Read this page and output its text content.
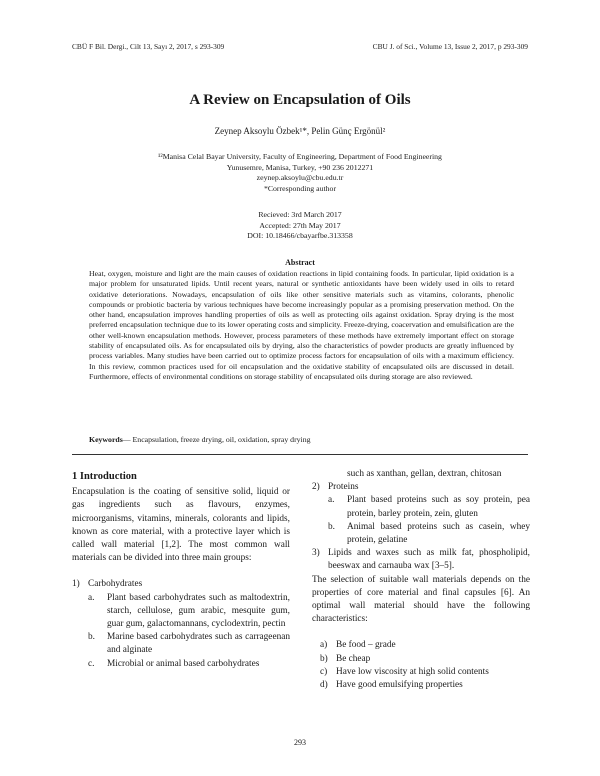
CBÜ F Bil. Dergi., Cilt 13, Sayı 2, 2017, s 293-309	CBU J. of Sci., Volume 13, Issue 2, 2017, p 293-309
A Review on Encapsulation of Oils
Zeynep Aksoylu Özbek¹*, Pelin Günç Ergönül²
¹²Manisa Celal Bayar University, Faculty of Engineering, Department of Food Engineering
Yunusemre, Manisa, Turkey, +90 236 2012271
zeynep.aksoylu@cbu.edu.tr
*Corresponding author
Recieved: 3rd March 2017
Accepted: 27th May 2017
DOI: 10.18466/cbayarfbe.313358
Abstract

Heat, oxygen, moisture and light are the main causes of oxidation reactions in lipid containing foods. In particular, lipid oxidation is a major problem for unsaturated lipids. Until recent years, natural or synthetic antioxidants have been widely used in oils to retard oxidative deteriorations. Nowadays, encapsulation of oils like other sensitive materials such as vitamins, colorants, phenolic compounds or probiotic bacteria by various techniques have become increasingly popular as a promising preservation method. On the other hand, encapsulation improves handling properties of oils as well as protecting oils against oxidation. Spray drying is the most preferred encapsulation technique due to its lower operating costs and simplicity. Freeze-drying, coacervation and emulsification are the other well-known encapsulation methods. However, process parameters of these methods have extremely important effect on storage stability of encapsulated oils. As for encapsulated oils by drying, also the characteristics of powder products are greatly influenced by process variables. Many studies have been carried out to optimize process factors for encapsulation of oils with a maximum efficiency. In this review, common practices used for oil encapsulation and the oxidative stability of encapsulated oils are discussed in detail. Furthermore, effects of environmental conditions on storage stability of encapsulated oils during storage are also reviewed.

Keywords— Encapsulation, freeze drying, oil, oxidation, spray drying
1 Introduction

Encapsulation is the coating of sensitive solid, liquid or gas ingredients such as flavours, enzymes, microorganisms, vitamins, minerals, colorants and lipids, known as core material, with a protective layer which is called wall material [1,2]. The most common wall materials can be divided into three main groups:

1) Carbohydrates

a. Plant based carbohydrates such as maltodextrin, starch, cellulose, gum arabic, mesquite gum, guar gum, galactomannans, cyclodextrin, pectin

b. Marine based carbohydrates such as carrageenan and alginate

c. Microbial or animal based carbohydrates

such as xanthan, gellan, dextran, chitosan

2) Proteins

a. Plant based proteins such as soy protein, pea protein, barley protein, zein, gluten

b. Animal based proteins such as casein, whey protein, gelatine

3) Lipids and waxes such as milk fat, phospholipid, beeswax and carnauba wax [3–5].

The selection of suitable wall materials depends on the properties of core material and final capsules [6]. An optimal wall material should have the following characteristics:

a) Be food – grade

b) Be cheap

c) Have low viscosity at high solid contents

d) Have good emulsifying properties

293
